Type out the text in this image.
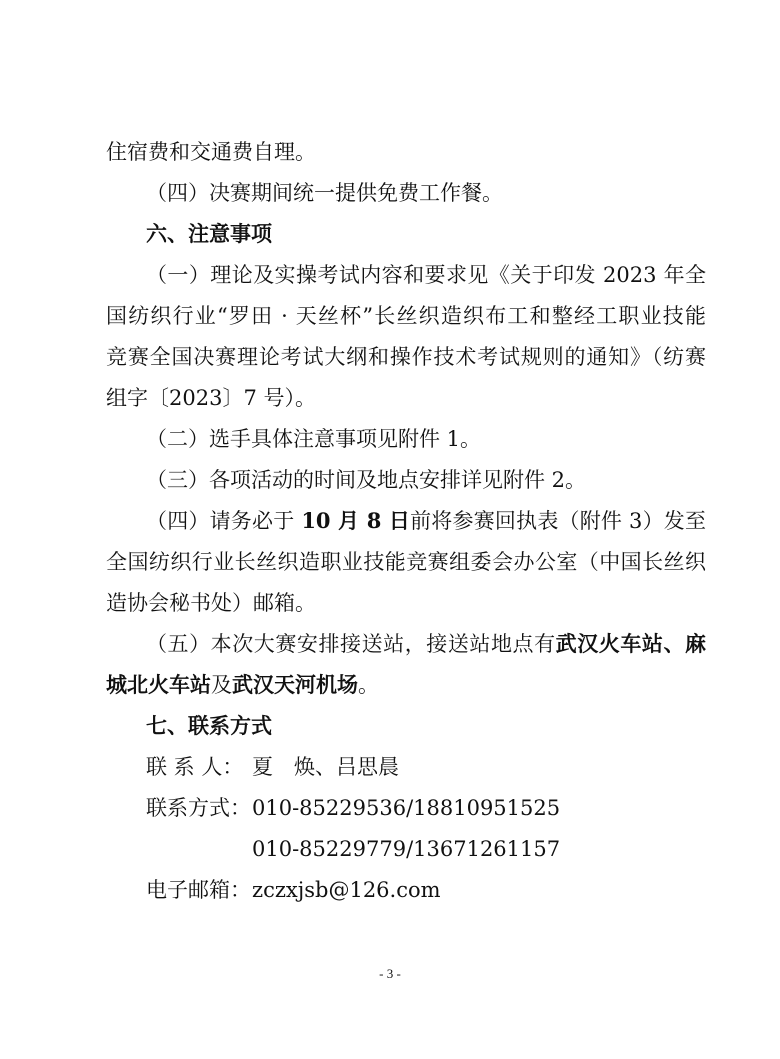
住宿费和交通费自理。
（四）决赛期间统一提供免费工作餐。
六、注意事项
（一）理论及实操考试内容和要求见《关于印发 2023 年全
国纺织行业“罗田 · 天丝杯”长丝织造织布工和整经工职业技能
竞赛全国决赛理论考试大纲和操作技术考试规则的通知》（纺赛
组字〔2023〕7 号）。
（二）选手具体注意事项见附件 1。
（三）各项活动的时间及地点安排详见附件 2。
（四）请务必于 10 月 8 日前将参赛回执表（附件 3）发至
全国纺织行业长丝织造职业技能竞赛组委会办公室（中国长丝织
造协会秘书处）邮箱。
（五）本次大赛安排接送站，接送站地点有武汉火车站、麻
城北火车站及武汉天河机场。
七、联系方式
联 系 人： 夏　焕、吕思晨
联系方式： 010-85229536/18810951525
010-85229779/13671261157
电子邮箱： zczxjsb@126.com
- 3 -
